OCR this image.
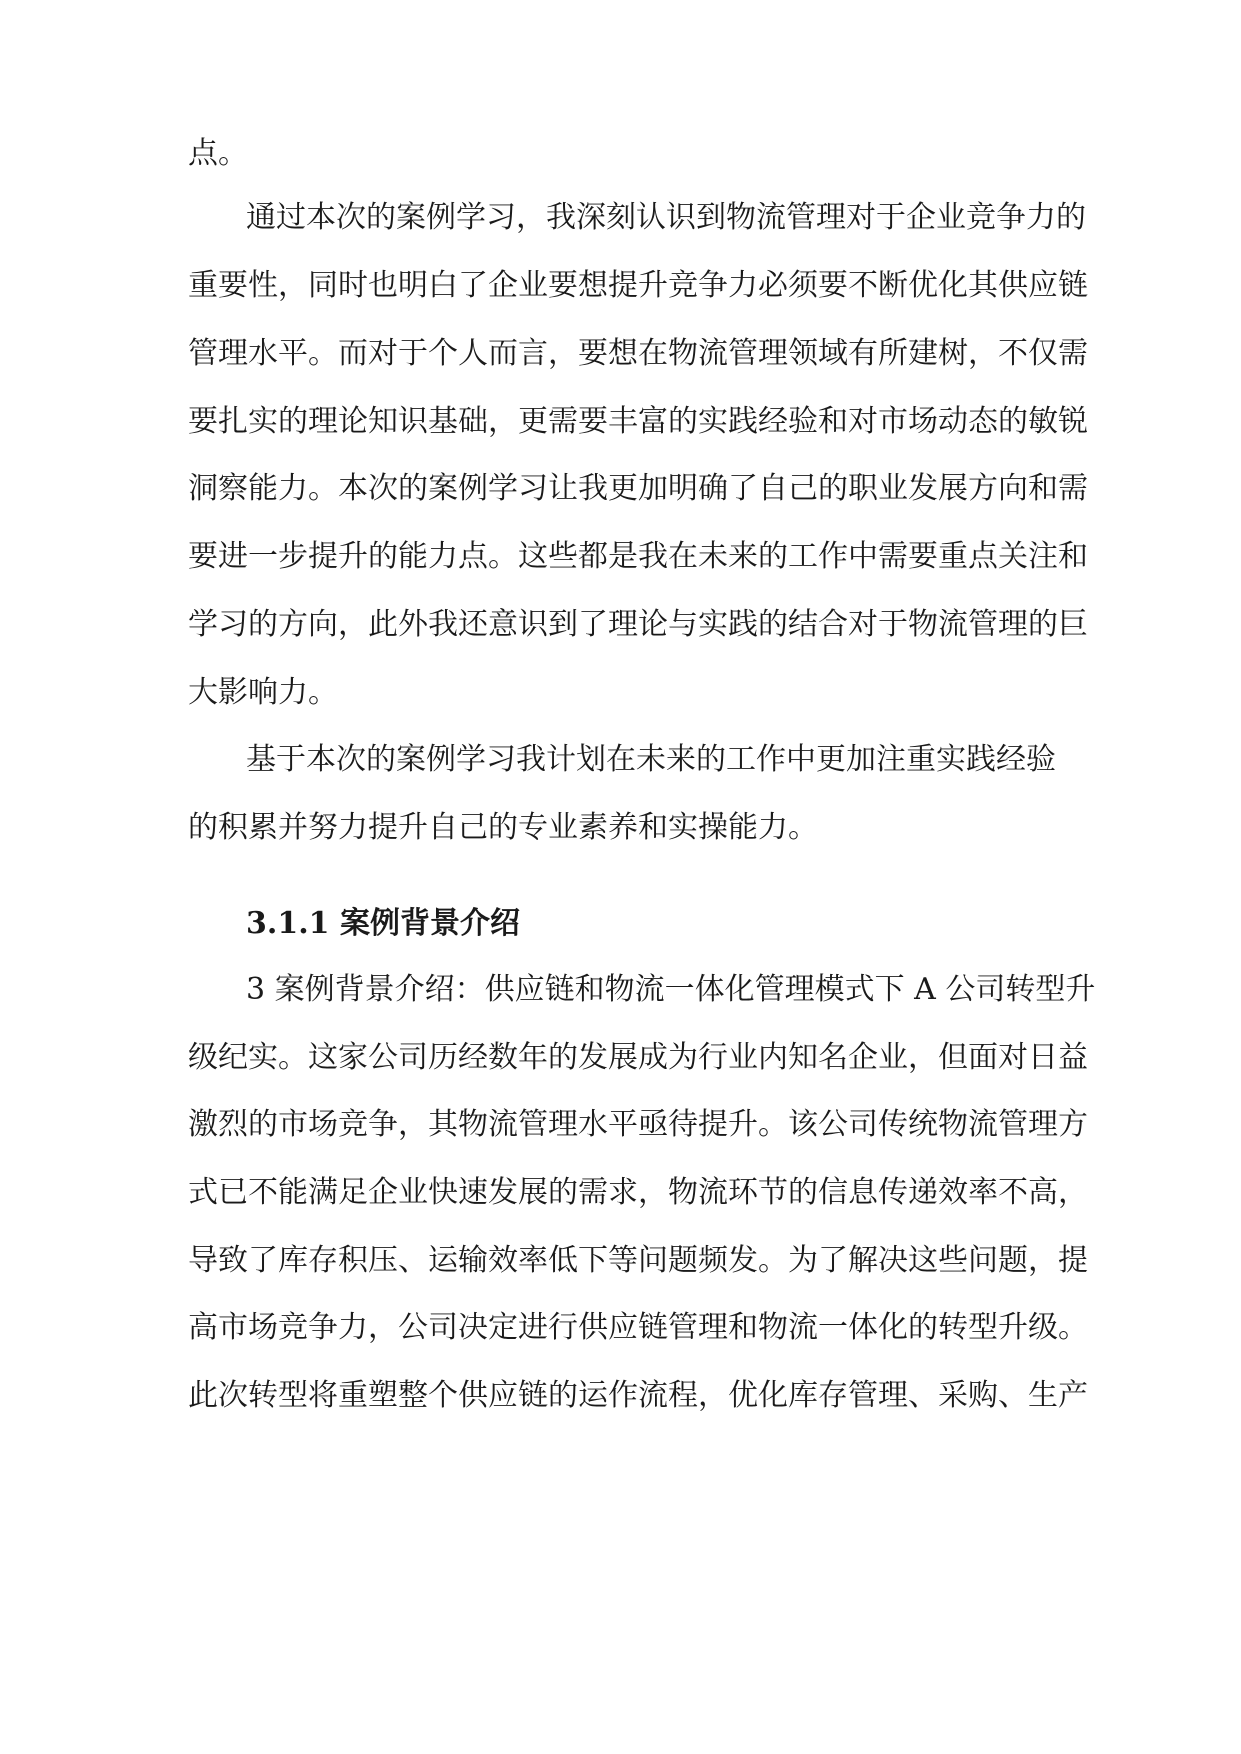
点。
通过本次的案例学习，我深刻认识到物流管理对于企业竞争力的
重要性，同时也明白了企业要想提升竞争力必须要不断优化其供应链
管理水平。而对于个人而言，要想在物流管理领域有所建树，不仅需
要扎实的理论知识基础，更需要丰富的实践经验和对市场动态的敏锐
洞察能力。本次的案例学习让我更加明确了自己的职业发展方向和需
要进一步提升的能力点。这些都是我在未来的工作中需要重点关注和
学习的方向，此外我还意识到了理论与实践的结合对于物流管理的巨
大影响力。
基于本次的案例学习我计划在未来的工作中更加注重实践经验
的积累并努力提升自己的专业素养和实操能力。
3.1.1 案例背景介绍
3 案例背景介绍：供应链和物流一体化管理模式下 A 公司转型升
级纪实。这家公司历经数年的发展成为行业内知名企业，但面对日益
激烈的市场竞争，其物流管理水平亟待提升。该公司传统物流管理方
式已不能满足企业快速发展的需求，物流环节的信息传递效率不高，
导致了库存积压、运输效率低下等问题频发。为了解决这些问题，提
高市场竞争力，公司决定进行供应链管理和物流一体化的转型升级。
此次转型将重塑整个供应链的运作流程，优化库存管理、采购、生产
